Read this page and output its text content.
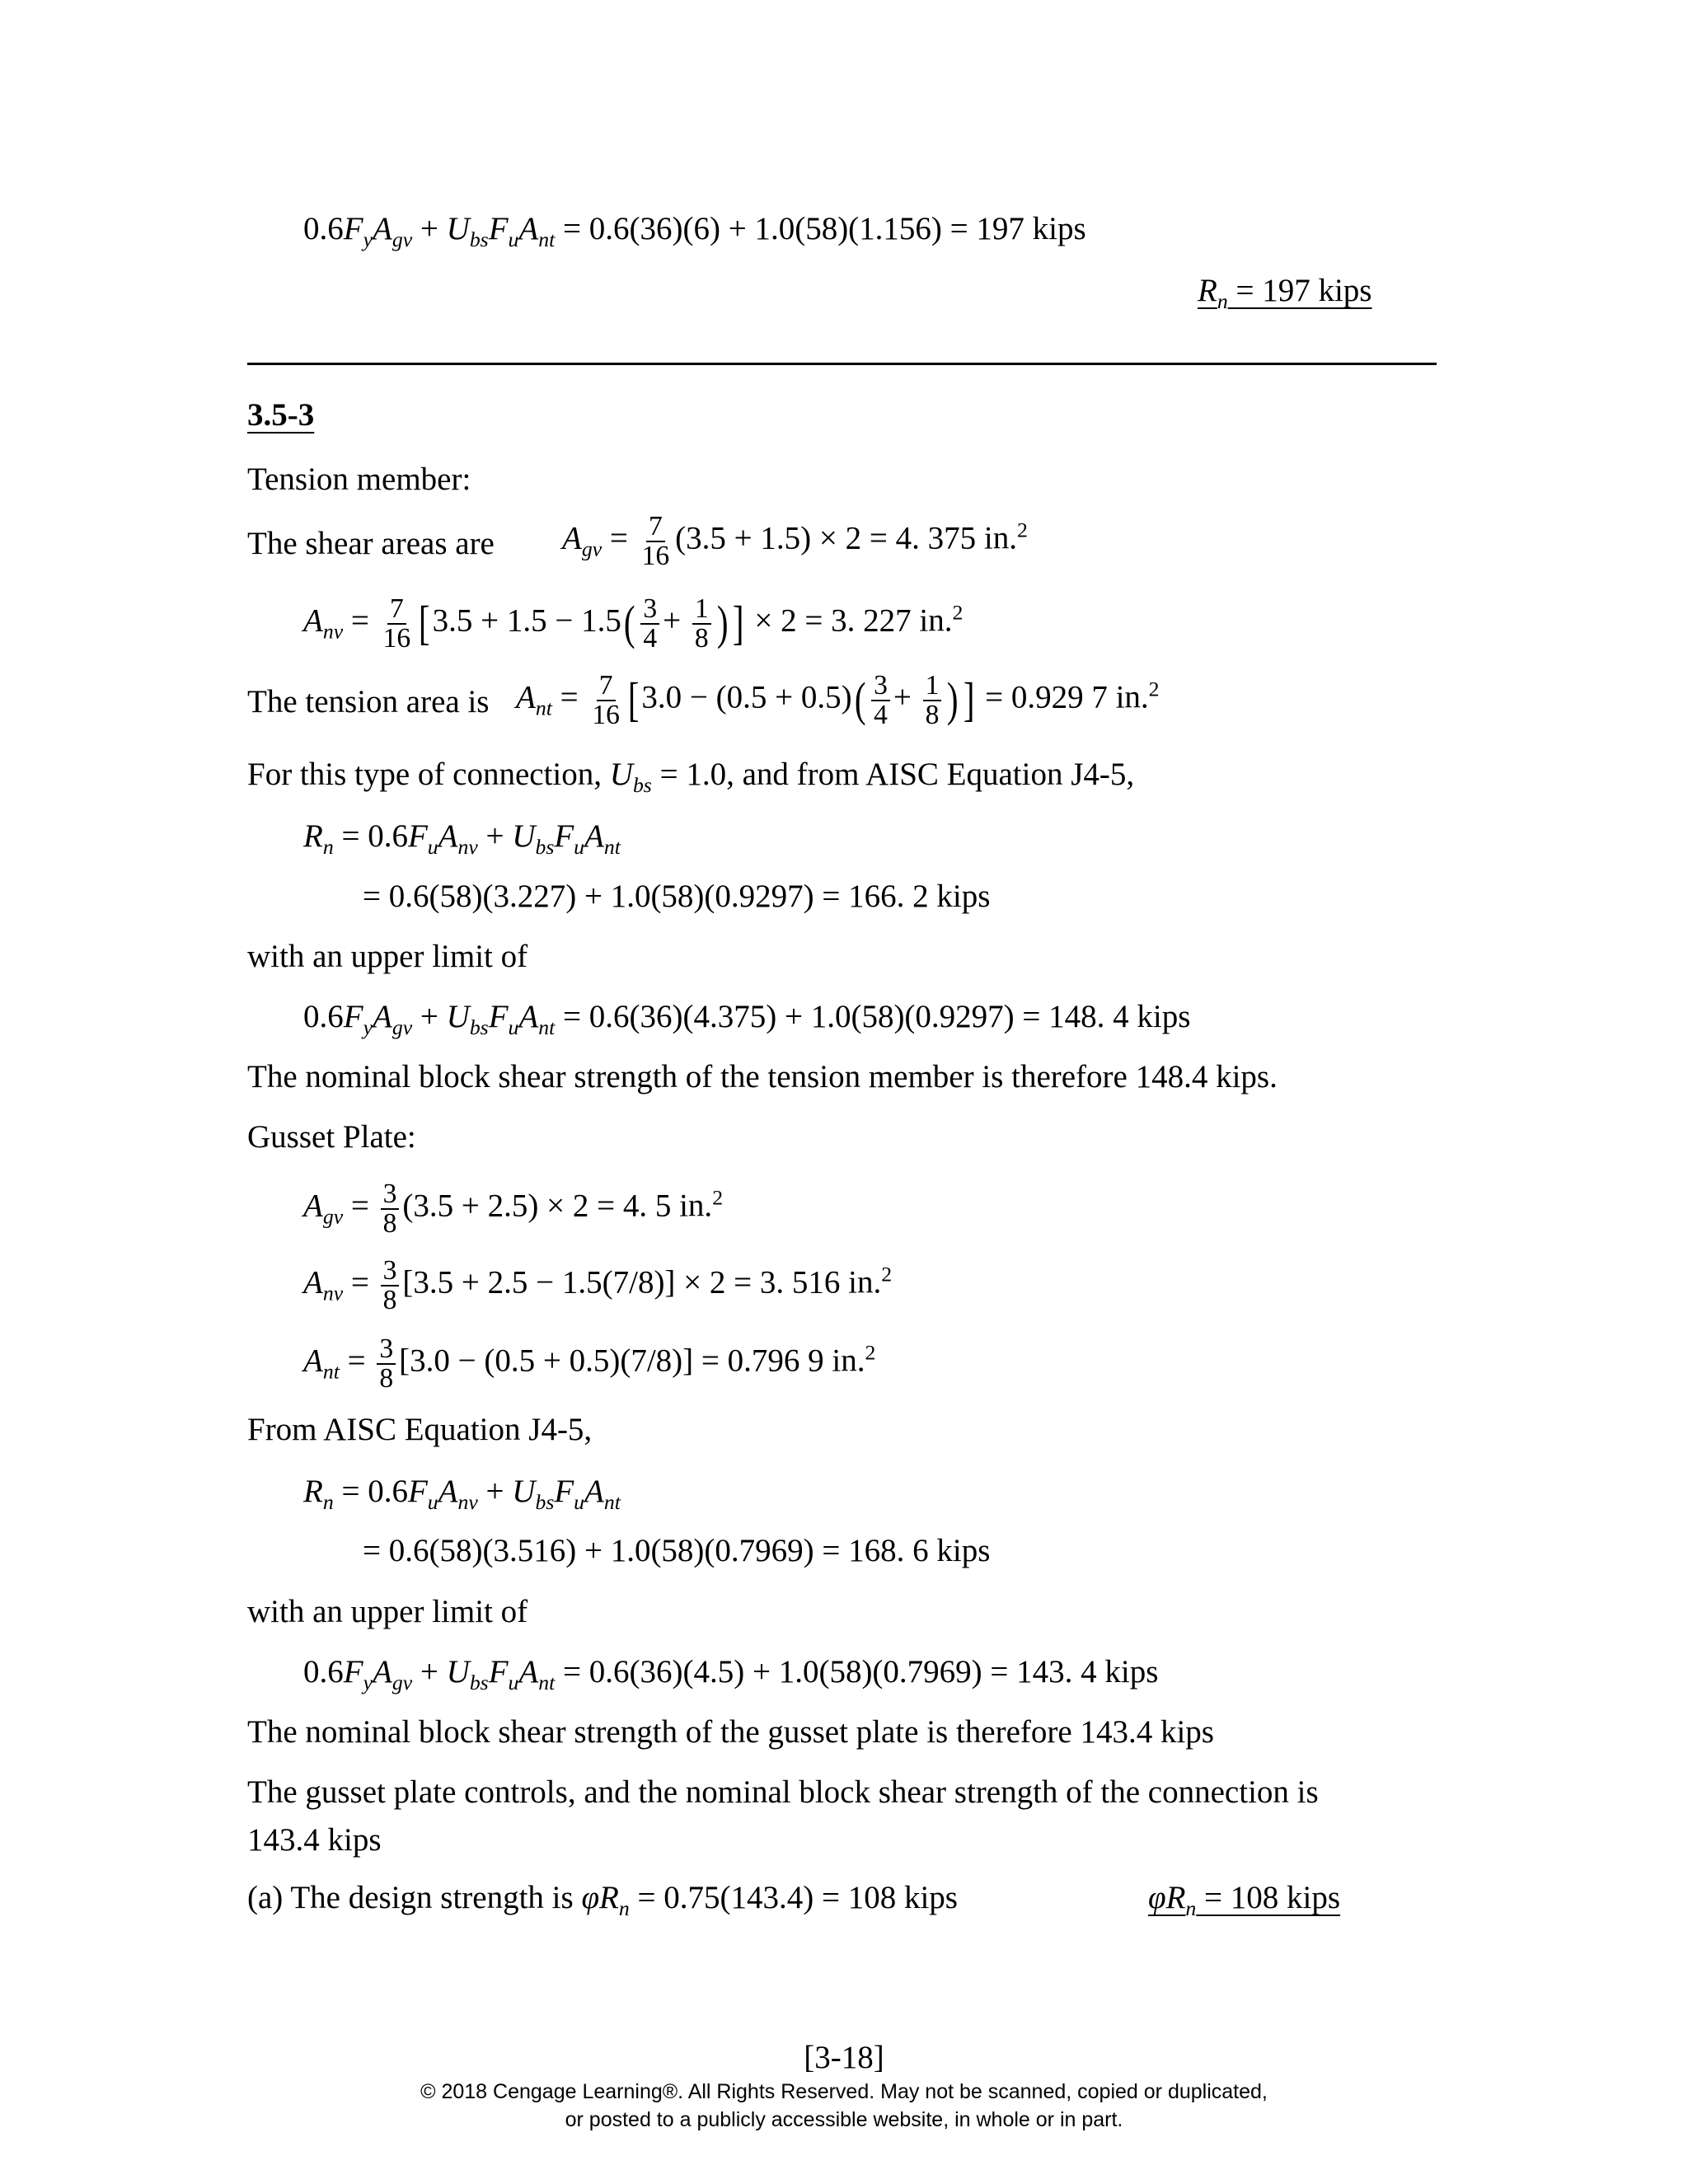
$0.6F_yA_{gv} + U_{bs}F_uA_{nt} = 0.6(36)(6) + 1.0(58)(1.156) = 197$ kips
$R_n = 197$ kips
3.5-3
Tension member:
The shear areas are $A_{gv} = \frac{7}{16} (3.5 + 1.5) \times 2 = 4$. 375 in.$^2$
$A_{nv} = \frac{7}{16} [3.5 + 1.5 - 1.5( \frac{3}{4} + \frac{1}{8}$ )] × 2 = 3. 227 in.$^2$
The tension area is $A_{nt} = \frac{7}{16} [3.0 - (0.5 + 0.5)( \frac{3}{4} + \frac{1}{8}$ )] = 0.929 7 in.$^2$
For this type of connection, $U_{bs} = 1.0$, and from AISC Equation J4-5,
$R_n = 0.6F_uA_{nv} + U_{bs}F_uA_{nt}$
= 0.6(58)(3.227) + 1.0(58)(0.9297) = 166. 2 kips
with an upper limit of
$0.6F_yA_{gv} + U_{bs}F_uA_{nt} = 0.6(36)(4.375) + 1.0(58)(0.9297) = 148$. 4 kips
The nominal block shear strength of the tension member is therefore 148.4 kips.
Gusset Plate:
$A_{gv} = \frac{3}{8} (3.5 + 2.5) \times 2 = 4$. 5 in.$^2$
$A_{nv} = \frac{3}{8} [3.5 + 2.5 - 1.5(7/8)] \times 2 = 3$. 516 in.$^2$
$A_{nt} = \frac{3}{8} [3.0 - (0.5 + 0.5)(7/8)] = 0.796$ 9 in.$^2$
From AISC Equation J4-5,
$R_n = 0.6F_uA_{nv} + U_{bs}F_uA_{nt}$
= 0.6(58)(3.516) + 1.0(58)(0.7969) = 168. 6 kips
with an upper limit of
$0.6F_yA_{gv} + U_{bs}F_uA_{nt} = 0.6(36)(4.5) + 1.0(58)(0.7969) = 143$. 4 kips
The nominal block shear strength of the gusset plate is therefore 143.4 kips
The gusset plate controls, and the nominal block shear strength of the connection is
143.4 kips
(a) The design strength is $\varphi R_n = 0.75(143.4) = 108$ kips	$\varphi R_n = 108$ kips
[3-18]
© 2018 Cengage Learning®. All Rights Reserved. May not be scanned, copied or duplicated,
or posted to a publicly accessible website, in whole or in part.
